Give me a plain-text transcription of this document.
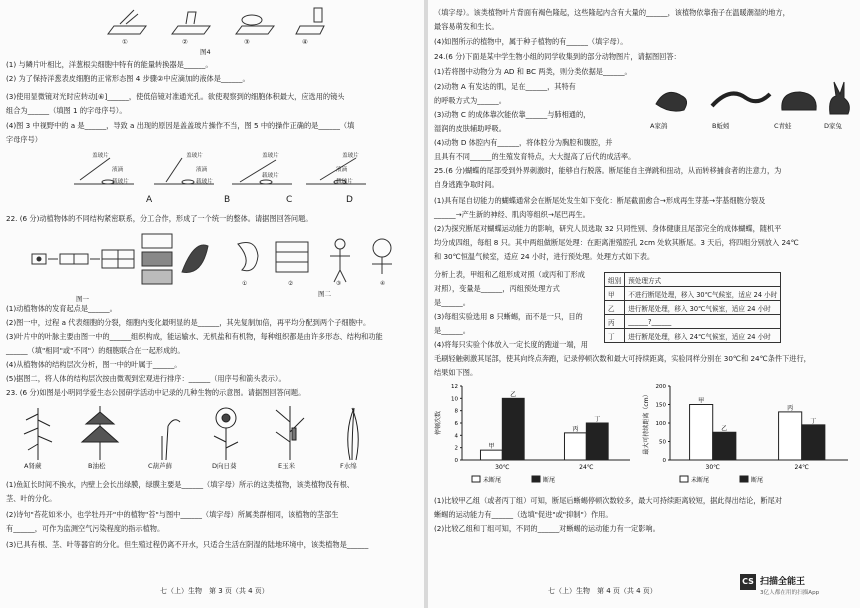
①	②	③	④
图4
(1) 与鳞片叶相比，洋葱根尖细胞中特有的能量转换器是______。
(2) 为了保持洋葱表皮细胞的正常形态图 4 步骤②中应滴加的液体是______。
(3)使用显微镜对光时应转动[⑥]______，使低倍镜对准通光孔。欲使观察到的细胞体积最大，应选用的镜头
组合为______（填图 1 的字母序号）。
(4)图 3 中视野中的 a 是______，导致 a 出现的原因是盖盖玻片操作不当，图 5 中的操作正确的是______（填
字母序号）
盖玻片
液滴
载玻片
盖玻片
液滴
载玻片
盖玻片
载玻片
盖玻片
液滴
载玻片
A	B	C	D
22. (6 分)动植物体的不同结构紧密联系，分工合作，形成了一个统一的整体。请据图回答问题。
图一
①	②	③	④
图二
(1)动植物体的发育起点是______。
(2)图一中，过程 a 代表细胞的分裂，细胞内变化最明显的是______，其先复制加倍，再平均分配到两个子细胞中。
(3)叶片中的叶脉主要由图一中的______组织构成，能运输水、无机盐和有机物，每种组织都是由许多形态、结构和功能
______（填"相同"或"不同"）的细胞联合在一起形成的。
(4)从植物体的结构层次分析，图一中的叶属于______。
(5)据图二，将人体的结构层次按由微观到宏观进行排序：______（用序号和箭头表示）。
23. (6 分)如图是小明同学爱生态公园研学活动中记录的几种生物的示意图。请据图回答问题。
A肾蕨	B油松	C葫芦藓	D向日葵	E玉米	F水绵
(1)鱼缸长时间不换水，内壁上会长出绿膜，绿膜主要是______（填字母）所示的这类植物，该类植物没有根、
茎、叶的分化。
(2)诗句"苔花如米小，也学牡丹开"中的植物"苔"与图中______（填字母）所属类群相同，该植物的茎部生
有______，可作为监测空气污染程度的指示植物。
(3)已具有根、茎、叶等器官的分化。但生殖过程仍离不开水，只适合生活在阴湿的陆地环境中，该类植物是______
七（上）生物　第 3 页（共 4 页）
（填字母）。该类植物叶片背面有褐色隆起，这些隆起内含有大量的______，该植物依靠孢子在温暖潮湿的地方，
最容易萌发和生长。
(4)如图所示的植物中，属于种子植物的有______（填字母）。
24.(6 分)下面是某中学生物小组的同学收集到的部分动物图片，请据图回答：
(1)若将图中动物分为 AD 和 BC 两类，则分类依据是______。
(2)动物 A 有发达的肌，足在______，其特有
的呼吸方式为______。
(3)动物 C 的成体靠次能依靠______与肺相通的，
湿润的皮肤辅助呼吸。
(4)动物 D 体腔内有______，将体腔分为胸腔和腹腔，并
且具有不同______的生殖发育特点，大大提高了后代的成活率。
A家鸽	B蚯蚓	C青蛙	D家兔
25.(6 分)蝴蝶的尾部受到外界刺激时，能够自行脱落。断尾能自主弹跳和扭动，从而转移捕食者的注意力，为
自身逃跑争取时间。
(1)具有尾自切能力的蝴蝶通常会在断尾处发生如下变化：断尾截面愈合→形成再生芽基→芽基细胞分裂及
______→产生新的神经、肌肉等组织→尾巴再生。
(2)为探究断尾对蝴蝶运动能力的影响，研究人员选取 32 只同性别、身体健康且尾部完全的成体蝴蝶，随机平
均分成四组，每组 8 只。其中两组做断尾处理：在距离泄殖腔孔 2cm 处软其断尾。3 天后，将四组分别放入 24℃
和 30℃恒温气候室，适应 24 小时，进行预处理。处理方式如下表。
组别	预处理方式
甲	不进行断尾处理，移入 30℃气候室，适应 24 小时
乙	进行断尾处理，移入 30℃气候室，适应 24 小时
丙	______?______
丁	进行断尾处理，移入 24℃气候室，适应 24 小时
分析上表，甲组和乙组形成对照（或丙和丁形成
对照），变量是______，丙组预处理方式
是______。
(3)每组实验选用 8 只蜥蜴，而不是一只，目的
是______。
(4)将每只实验个体放入一定长度的跑道一端，用
毛刷轻触刺激其尾部，使其向终点奔跑，记录停顿次数和最大可持续距离，实验同样分别在 30℃和 24℃条件下进行，
结果如下图。
0
2
4
6
8
10
12
停顿次数
甲
乙
30℃
丙
丁
24℃
未断尾	断尾
0
50
100
150
200
最大可持续距离（cm）	甲
乙
30℃
丙
丁
24℃
未断尾	断尾
(1)比较甲乙组（或者丙丁组）可知，断尾后蜥蜴停顿次数较多，最大可持续距离较短，据此得出结论，断尾对
蜥蜴的运动能力有______（选填"促进"或"抑制"）作用。
(2)比较乙组和丁组可知，不同的______对蜥蜴的运动能力有一定影响。
七（上）生物　第 4 页（共 4 页）
CS 扫描全能王
3亿人都在用的扫描App
